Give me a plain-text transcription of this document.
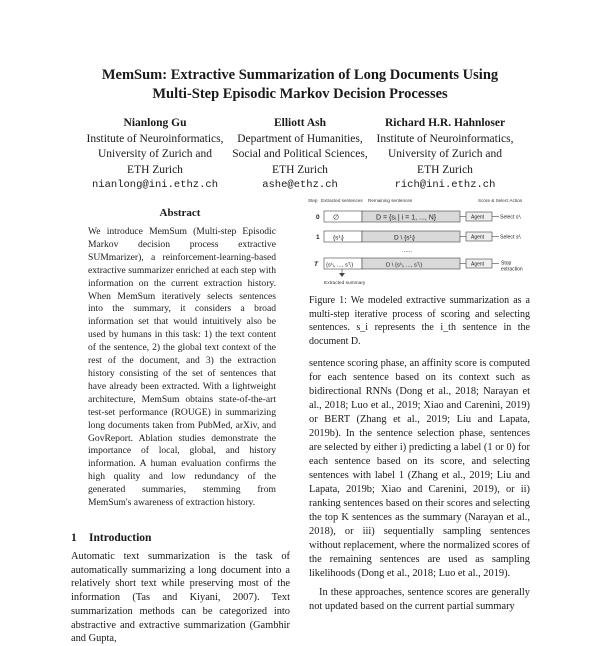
MemSum: Extractive Summarization of Long Documents Using
Multi-Step Episodic Markov Decision Processes
Nianlong Gu
Institute of Neuroinformatics,
University of Zurich and
ETH Zurich
nianlong@ini.ethz.ch
Elliott Ash
Department of Humanities,
Social and Political Sciences,
ETH Zurich
ashe@ethz.ch
Richard H.R. Hahnloser
Institute of Neuroinformatics,
University of Zurich and
ETH Zurich
rich@ini.ethz.ch
Abstract
We introduce MemSum (Multi-step Episodic Markov decision process extractive SUMmarizer), a reinforcement-learning-based extractive summarizer enriched at each step with information on the current extraction history. When MemSum iteratively selects sentences into the summary, it considers a broad information set that would intuitively also be used by humans in this task: 1) the text content of the sentence, 2) the global text context of the rest of the document, and 3) the extraction history consisting of the set of sentences that have already been extracted. With a lightweight architecture, MemSum obtains state-of-the-art test-set performance (ROUGE) in summarizing long documents taken from PubMed, arXiv, and GovReport. Ablation studies demonstrate the importance of local, global, and history information. A human evaluation confirms the high quality and low redundancy of the generated summaries, stemming from MemSum's awareness of extraction history.
1 Introduction
Automatic text summarization is the task of automatically summarizing a long document into a relatively short text while preserving most of the information (Tas and Kiyani, 2007). Text summarization methods can be categorized into abstractive and extractive summarization (Gambhir and Gupta,
Step Extracted sentences Remaining sentences	Score & Select Action
0 ∅	D = {sᵢ | i = 1, ..., N}	Agent	Select s¹ᵢ
1 {s¹ᵢ}	D \ {s¹ᵢ}	Agent	Select s²ᵢ
......
T {s¹ᵢ, ..., sᵀᵢ}	D \ {s¹ᵢ, ..., sᵀᵢ}	Agent	Stop
extraction
Extracted summary
Figure 1: We modeled extractive summarization as a multi-step iterative process of scoring and selecting sentences. s_i represents the i_th sentence in the document D.

sentence scoring phase, an affinity score is computed for each sentence based on its context such as bidirectional RNNs (Dong et al., 2018; Narayan et al., 2018; Luo et al., 2019; Xiao and Carenini, 2019) or BERT (Zhang et al., 2019; Liu and Lapata, 2019b). In the sentence selection phase, sentences are selected by either i) predicting a label (1 or 0) for each sentence based on its score, and selecting sentences with label 1 (Zhang et al., 2019; Liu and Lapata, 2019b; Xiao and Carenini, 2019), or ii) ranking sentences based on their scores and selecting the top K sentences as the summary (Narayan et al., 2018), or iii) sequentially sampling sentences without replacement, where the normalized scores of the remaining sentences are used as sampling likelihoods (Dong et al., 2018; Luo et al., 2019).

In these approaches, sentence scores are generally not updated based on the current partial summary
